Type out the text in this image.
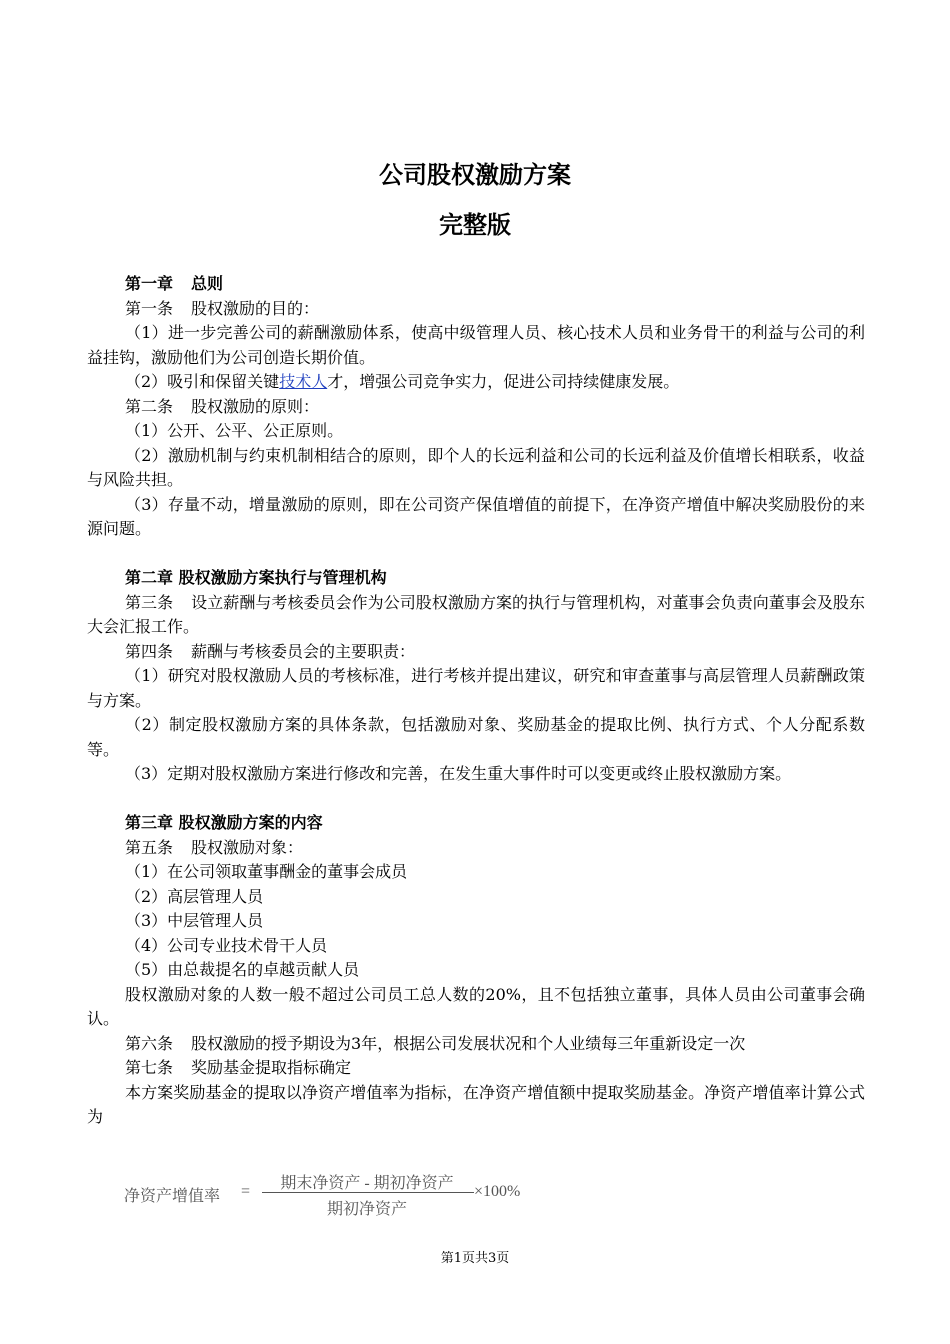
公司股权激励方案
完整版

第一章 总则

第一条 股权激励的目的：

（1）进一步完善公司的薪酬激励体系，使高中级管理人员、核心技术人员和业务骨干的利益与公司的利益挂钩，激励他们为公司创造长期价值。

（2）吸引和保留关键技术人才，增强公司竞争实力，促进公司持续健康发展。

第二条 股权激励的原则：

（1）公开、公平、公正原则。

（2）激励机制与约束机制相结合的原则，即个人的长远利益和公司的长远利益及价值增长相联系，收益与风险共担。

（3）存量不动，增量激励的原则，即在公司资产保值增值的前提下，在净资产增值中解决奖励股份的来源问题。

第二章 股权激励方案执行与管理机构

第三条 设立薪酬与考核委员会作为公司股权激励方案的执行与管理机构，对董事会负责向董事会及股东大会汇报工作。

第四条 薪酬与考核委员会的主要职责：

（1）研究对股权激励人员的考核标准，进行考核并提出建议，研究和审查董事与高层管理人员薪酬政策与方案。

（2）制定股权激励方案的具体条款，包括激励对象、奖励基金的提取比例、执行方式、个人分配系数等。

（3）定期对股权激励方案进行修改和完善，在发生重大事件时可以变更或终止股权激励方案。

第三章 股权激励方案的内容

第五条 股权激励对象：

（1）在公司领取董事酬金的董事会成员

（2）高层管理人员

（3）中层管理人员

（4）公司专业技术骨干人员

（5）由总裁提名的卓越贡献人员

股权激励对象的人数一般不超过公司员工总人数的20%，且不包括独立董事，具体人员由公司董事会确认。

第六条 股权激励的授予期设为3年，根据公司发展状况和个人业绩每三年重新设定一次

第七条 奖励基金提取指标确定

本方案奖励基金的提取以净资产增值率为指标，在净资产增值额中提取奖励基金。净资产增值率计算公式为

净资产增值率 =	期末净资产 - 期初净资产
期初净资产
×100%
第1页共3页
